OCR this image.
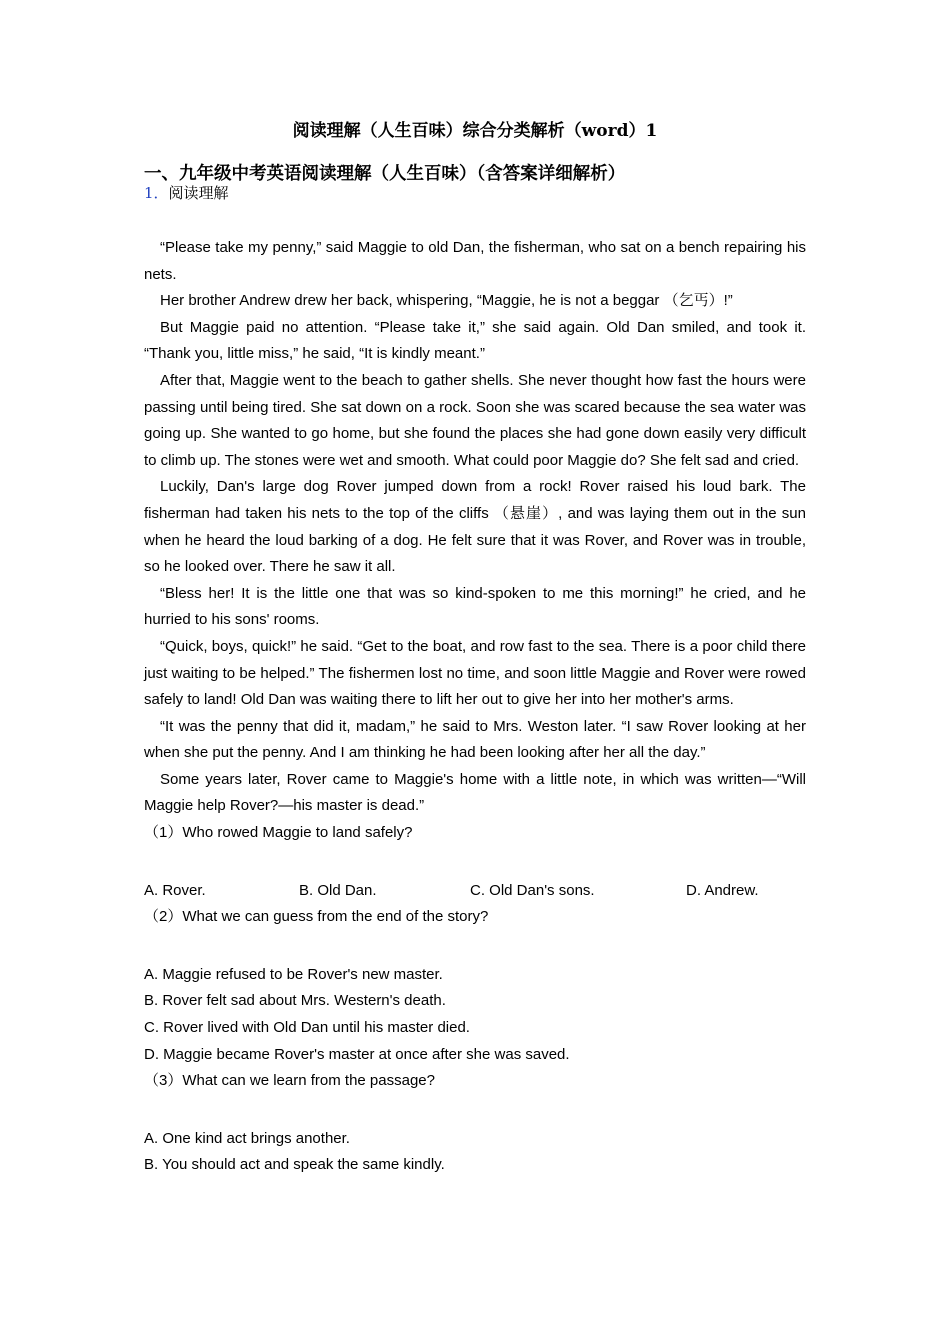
阅读理解（人生百味）综合分类解析（word）1
一、九年级中考英语阅读理解（人生百味）（含答案详细解析）
1．阅读理解

“Please take my penny,” said Maggie to old Dan, the fisherman, who sat on a bench repairing his nets.

Her brother Andrew drew her back, whispering, “Maggie, he is not a beggar （乞丐）!”

But Maggie paid no attention. “Please take it,” she said again. Old Dan smiled, and took it. “Thank you, little miss,” he said, “It is kindly meant.”

After that, Maggie went to the beach to gather shells. She never thought how fast the hours were passing until being tired. She sat down on a rock. Soon she was scared because the sea water was going up. She wanted to go home, but she found the places she had gone down easily very difficult to climb up. The stones were wet and smooth. What could poor Maggie do? She felt sad and cried.

Luckily, Dan's large dog Rover jumped down from a rock! Rover raised his loud bark. The fisherman had taken his nets to the top of the cliffs （悬崖）, and was laying them out in the sun when he heard the loud barking of a dog. He felt sure that it was Rover, and Rover was in trouble, so he looked over. There he saw it all.

“Bless her! It is the little one that was so kind-spoken to me this morning!” he cried, and he hurried to his sons' rooms.

“Quick, boys, quick!” he said. “Get to the boat, and row fast to the sea. There is a poor child there just waiting to be helped.” The fishermen lost no time, and soon little Maggie and Rover were rowed safely to land! Old Dan was waiting there to lift her out to give her into her mother's arms.

“It was the penny that did it, madam,” he said to Mrs. Weston later. “I saw Rover looking at her when she put the penny. And I am thinking he had been looking after her all the day.”

Some years later, Rover came to Maggie's home with a little note, in which was written—“Will Maggie help Rover?—his master is dead.”

（1）Who rowed Maggie to land safely?
A. Rover.	B. Old Dan.	C. Old Dan's sons.	D. Andrew.
（2）What we can guess from the end of the story?
A. Maggie refused to be Rover's new master.
B. Rover felt sad about Mrs. Western's death.
C. Rover lived with Old Dan until his master died.
D. Maggie became Rover's master at once after she was saved.
（3）What can we learn from the passage?
A. One kind act brings another.
B. You should act and speak the same kindly.
